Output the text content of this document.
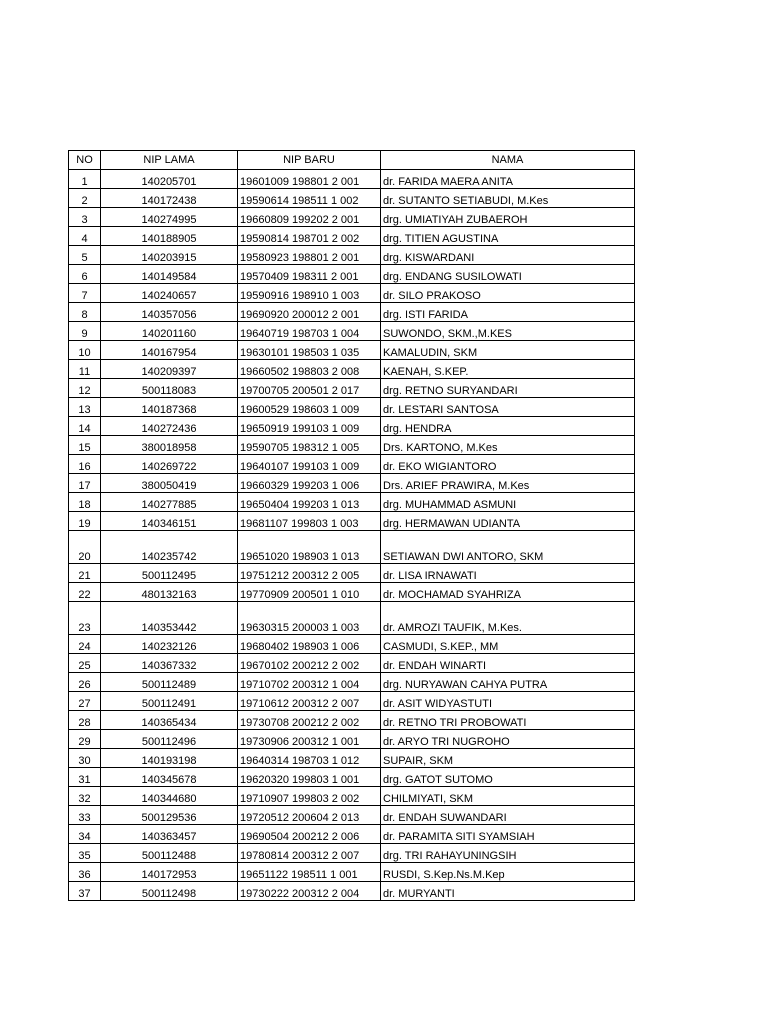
NO	NIP LAMA	NIP BARU	NAMA
1	140205701	19601009 198801 2 001	dr. FARIDA MAERA ANITA
2	140172438	19590614 198511 1 002	dr. SUTANTO SETIABUDI, M.Kes
3	140274995	19660809 199202 2 001	drg. UMIATIYAH ZUBAEROH
4	140188905	19590814 198701 2 002	drg. TITIEN AGUSTINA
5	140203915	19580923 198801 2 001	drg. KISWARDANI
6	140149584	19570409 198311 2 001	drg. ENDANG SUSILOWATI
7	140240657	19590916 198910 1 003	dr. SILO PRAKOSO
8	140357056	19690920 200012 2 001	drg. ISTI FARIDA
9	140201160	19640719 198703 1 004	SUWONDO, SKM.,M.KES
10	140167954	19630101 198503 1 035	KAMALUDIN, SKM
11	140209397	19660502 198803 2 008	KAENAH, S.KEP.
12	500118083	19700705 200501 2 017	drg. RETNO SURYANDARI
13	140187368	19600529 198603 1 009	dr. LESTARI SANTOSA
14	140272436	19650919 199103 1 009	drg. HENDRA
15	380018958	19590705 198312 1 005	Drs. KARTONO, M.Kes
16	140269722	19640107 199103 1 009	dr. EKO WIGIANTORO
17	380050419	19660329 199203 1 006	Drs. ARIEF PRAWIRA, M.Kes
18	140277885	19650404 199203 1 013	drg. MUHAMMAD ASMUNI
19	140346151	19681107 199803 1 003	drg. HERMAWAN UDIANTA
20	140235742	19651020 198903 1 013	SETIAWAN DWI ANTORO, SKM
21	500112495	19751212 200312 2 005	dr. LISA IRNAWATI
22	480132163	19770909 200501 1 010	dr. MOCHAMAD SYAHRIZA
23	140353442	19630315 200003 1 003	dr. AMROZI TAUFIK, M.Kes.
24	140232126	19680402 198903 1 006	CASMUDI, S.KEP., MM
25	140367332	19670102 200212 2 002	dr. ENDAH WINARTI
26	500112489	19710702 200312 1 004	drg. NURYAWAN CAHYA PUTRA
27	500112491	19710612 200312 2 007	dr. ASIT WIDYASTUTI
28	140365434	19730708 200212 2 002	dr. RETNO TRI PROBOWATI
29	500112496	19730906 200312 1 001	dr. ARYO TRI NUGROHO
30	140193198	19640314 198703 1 012	SUPAIR, SKM
31	140345678	19620320 199803 1 001	drg. GATOT SUTOMO
32	140344680	19710907 199803 2 002	CHILMIYATI, SKM
33	500129536	19720512 200604 2 013	dr. ENDAH SUWANDARI
34	140363457	19690504 200212 2 006	dr. PARAMITA SITI SYAMSIAH
35	500112488	19780814 200312 2 007	drg. TRI RAHAYUNINGSIH
36	140172953	19651122 198511 1 001	RUSDI, S.Kep.Ns.M.Kep
37	500112498	19730222 200312 2 004	dr. MURYANTI
